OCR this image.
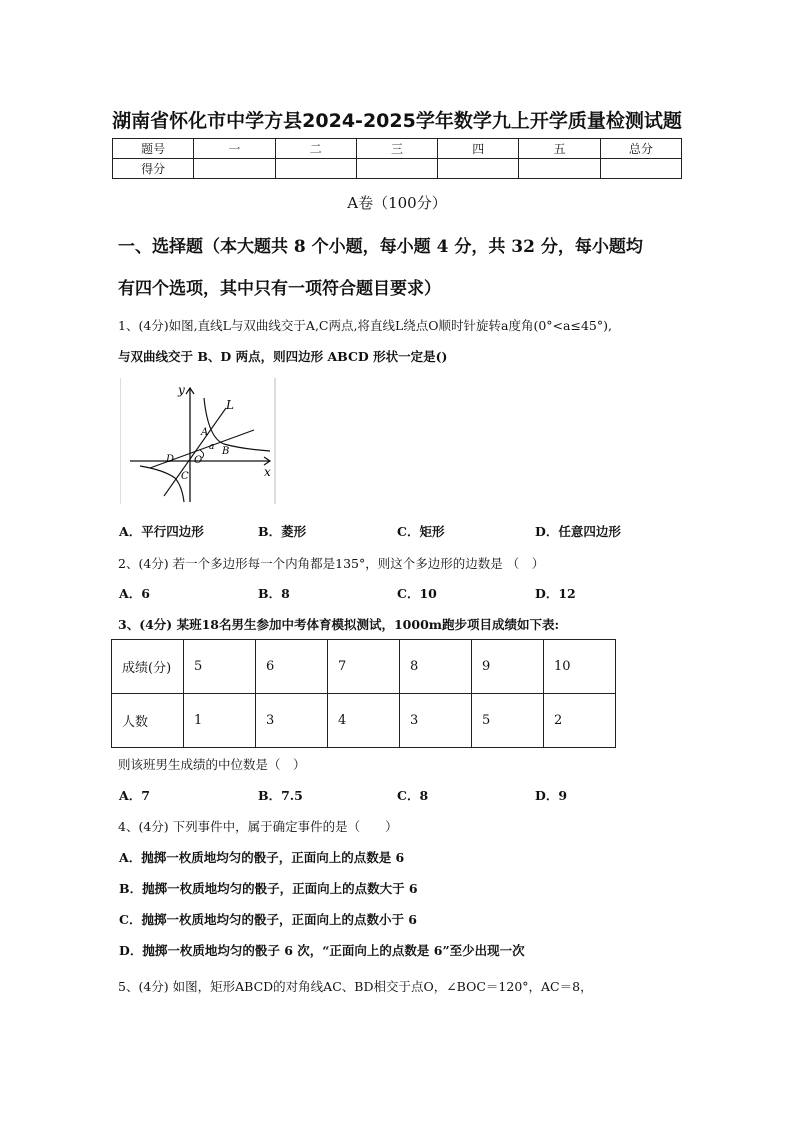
湖南省怀化市中学方县2024-2025学年数学九上开学质量检测试题
题号	一	二	三	四	五	总分
得分						
A卷（100分）
一、选择题（本大题共 8 个小题，每小题 4 分，共 32 分，每小题均
有四个选项，其中只有一项符合题目要求）
1、(4分)如图,直线L与双曲线交于A,C两点,将直线L绕点O顺时针旋转a度角(0°<a≤45°),
与双曲线交于 B、D 两点，则四边形 ABCD 形状一定是()
y
L
A
a B
D O
x
C
A．平行四边形	B．菱形	C．矩形	D．任意四边形
2、(4分) 若一个多边形每一个内角都是135°，则这个多边形的边数是 （　）
A．6	B．8	C．10	D．12
3、(4分) 某班18名男生参加中考体育模拟测试，1000m跑步项目成绩如下表:
成绩(分)	5	6	7	8	9	10
人数	1	3	4	3	5	2
则该班男生成绩的中位数是（　）
A．7	B．7.5	C．8	D．9
4、(4分) 下列事件中，属于确定事件的是（　　）
A．抛掷一枚质地均匀的骰子，正面向上的点数是 6
B．抛掷一枚质地均匀的骰子，正面向上的点数大于 6
C．抛掷一枚质地均匀的骰子，正面向上的点数小于 6
D．抛掷一枚质地均匀的骰子 6 次，“正面向上的点数是 6”至少出现一次
5、(4分) 如图，矩形ABCD的对角线AC、BD相交于点O，∠BOC＝120°，AC＝8，
